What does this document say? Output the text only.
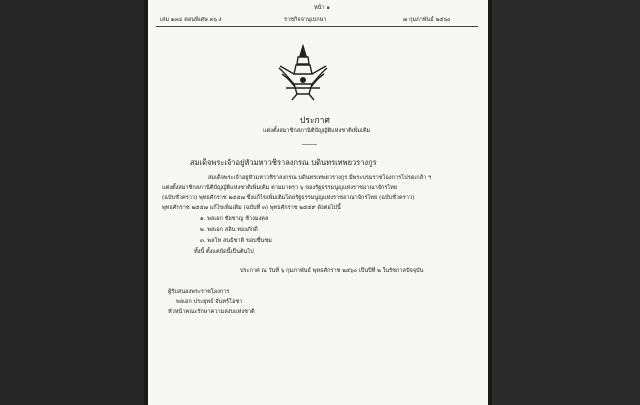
หน้า ๑
เล่ม ๑๓๔ ตอนพิเศษ ๓๖ ง	ราชกิจจานุเบกษา	๗ กุมภาพันธ์ ๒๕๖๐
ประกาศ
แต่งตั้งสมาชิกสภานิติบัญญัติแห่งชาติเพิ่มเติม
_____
สมเด็จพระเจ้าอยู่หัวมหาวชิราลงกรณ บดินทรเทพยวรางกูร
สมเด็จพระเจ้าอยู่หัวมหาวชิราลงกรณ บดินทรเทพยวรางกูร มีพระบรมราชโองการโปรดเกล้า ฯ
แต่งตั้งสมาชิกสภานิติบัญญัติแห่งชาติเพิ่มเติม ตามมาตรา ๖ ของรัฐธรรมนูญแห่งราชอาณาจักรไทย
(ฉบับชั่วคราว) พุทธศักราช ๒๕๕๗ ซึ่งแก้ไขเพิ่มเติมโดยรัฐธรรมนูญแห่งราชอาณาจักรไทย (ฉบับชั่วคราว)
พุทธศักราช ๒๕๕๗ แก้ไขเพิ่มเติม (ฉบับที่ ๓) พุทธศักราช ๒๕๕๙ ดังต่อไปนี้
๑. พลเอก ชัยชาญ ช้างมงคล
๒. พลเอก สลิน ทองภักดี
๓. พลโท สนธิชาติ ขอบชื่นชม
ทั้งนี้ ตั้งแต่บัดนี้เป็นต้นไป
ประกาศ ณ วันที่ ๖ กุมภาพันธ์ พุทธศักราช ๒๕๖๐ เป็นปีที่ ๒ ในรัชกาลปัจจุบัน
ผู้รับสนองพระราชโองการ
พลเอก ประยุทธ์ จันทร์โอชา
หัวหน้าคณะรักษาความสงบแห่งชาติ
